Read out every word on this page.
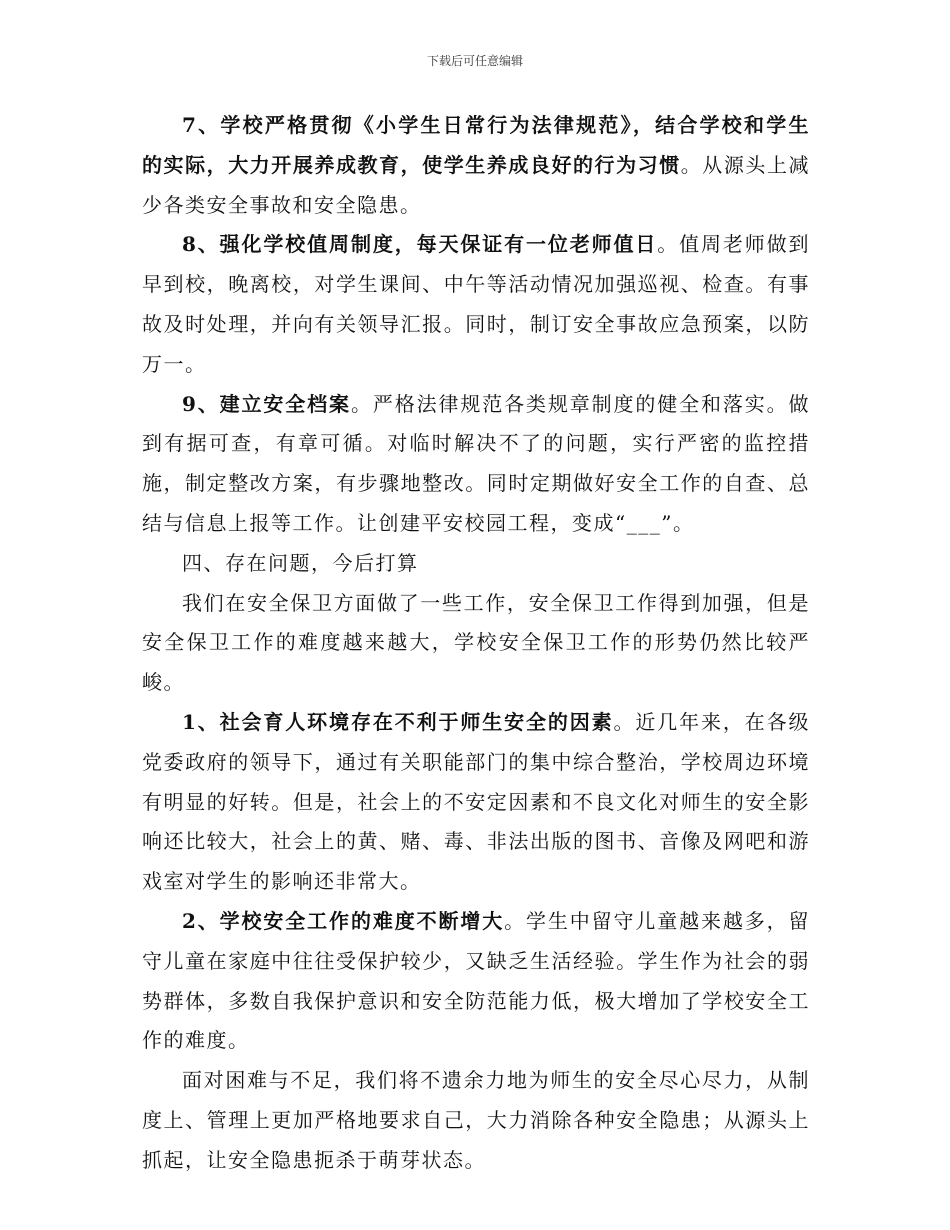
下载后可任意编辑

7、学校严格贯彻《小学生日常行为法律规范》，结合学校和学生的实际，大力开展养成教育，使学生养成良好的行为习惯。从源头上减少各类安全事故和安全隐患。

8、强化学校值周制度，每天保证有一位老师值日。值周老师做到早到校，晚离校，对学生课间、中午等活动情况加强巡视、检查。有事故及时处理，并向有关领导汇报。同时，制订安全事故应急预案，以防万一。

9、建立安全档案。严格法律规范各类规章制度的健全和落实。做到有据可查，有章可循。对临时解决不了的问题，实行严密的监控措施，制定整改方案，有步骤地整改。同时定期做好安全工作的自查、总结与信息上报等工作。让创建平安校园工程，变成“___”。

四、存在问题，今后打算

我们在安全保卫方面做了一些工作，安全保卫工作得到加强，但是安全保卫工作的难度越来越大，学校安全保卫工作的形势仍然比较严峻。

1、社会育人环境存在不利于师生安全的因素。近几年来，在各级党委政府的领导下，通过有关职能部门的集中综合整治，学校周边环境有明显的好转。但是，社会上的不安定因素和不良文化对师生的安全影响还比较大，社会上的黄、赌、毒、非法出版的图书、音像及网吧和游戏室对学生的影响还非常大。

2、学校安全工作的难度不断增大。学生中留守儿童越来越多，留守儿童在家庭中往往受保护较少，又缺乏生活经验。学生作为社会的弱势群体，多数自我保护意识和安全防范能力低，极大增加了学校安全工作的难度。

面对困难与不足，我们将不遗余力地为师生的安全尽心尽力，从制度上、管理上更加严格地要求自己，大力消除各种安全隐患；从源头上抓起，让安全隐患扼杀于萌芽状态。
